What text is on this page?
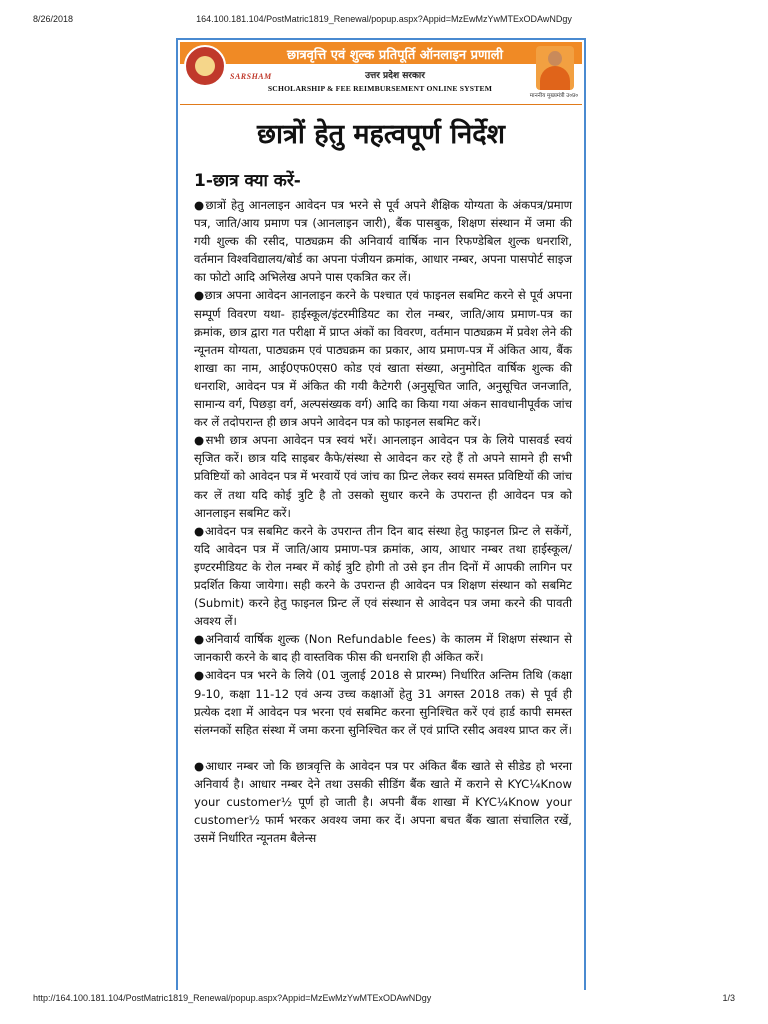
8/26/2018	164.100.181.104/PostMatric1819_Renewal/popup.aspx?Appid=MzEwMzYwMTExODAwNDgy
SARSHAM
छात्रवृत्ति एवं शुल्क प्रतिपूर्ति ऑनलाइन प्रणाली
उत्तर प्रदेश सरकार
SCHOLARSHIP & FEE REIMBURSEMENT ONLINE SYSTEM
माननीय मुख्यमंत्री उ०प्र०
छात्रों हेतु महत्वपूर्ण निर्देश
1-छात्र क्या करें-

●छात्रों हेतु आनलाइन आवेदन पत्र भरने से पूर्व अपने शैक्षिक योग्यता के अंकपत्र/प्रमाण पत्र, जाति/आय प्रमाण पत्र (आनलाइन जारी), बैंक पासबुक, शिक्षण संस्थान में जमा की गयी शुल्क की रसीद, पाठ्यक्रम की अनिवार्य वार्षिक नान रिफण्डेबिल शुल्क धनराशि, वर्तमान विश्वविद्यालय/बोर्ड का अपना पंजीयन क्रमांक, आधार नम्बर, अपना पासपोर्ट साइज का फोटो आदि अभिलेख अपने पास एकत्रित कर लें।

●छात्र अपना आवेदन आनलाइन करने के पश्चात एवं फाइनल सबमिट करने से पूर्व अपना सम्पूर्ण विवरण यथा- हाईस्कूल/इंटरमीडियट का रोल नम्बर, जाति/आय प्रमाण-पत्र का क्रमांक, छात्र द्वारा गत परीक्षा में प्राप्त अंकों का विवरण, वर्तमान पाठ्यक्रम में प्रवेश लेने की न्यूनतम योग्यता, पाठ्यक्रम एवं पाठ्यक्रम का प्रकार, आय प्रमाण-पत्र में अंकित आय, बैंक शाखा का नाम, आई0एफ0एस0 कोड एवं खाता संख्या, अनुमोदित वार्षिक शुल्क की धनराशि, आवेदन पत्र में अंकित की गयी कैटेगरी (अनुसूचित जाति, अनुसूचित जनजाति, सामान्य वर्ग, पिछड़ा वर्ग, अल्पसंख्यक वर्ग) आदि का किया गया अंकन सावधानीपूर्वक जांच कर लें तदोपरान्त ही छात्र अपने आवेदन पत्र को फाइनल सबमिट करें।

●सभी छात्र अपना आवेदन पत्र स्वयं भरें। आनलाइन आवेदन पत्र के लिये पासवर्ड स्वयं सृजित करें। छात्र यदि साइबर कैफे/संस्था से आवेदन कर रहे हैं तो अपने सामने ही सभी प्रविष्टियों को आवेदन पत्र में भरवायें एवं जांच का प्रिन्ट लेकर स्वयं समस्त प्रविष्टियों की जांच कर लें तथा यदि कोई त्रुटि है तो उसको सुधार करने के उपरान्त ही आवेदन पत्र को आनलाइन सबमिट करें।

●आवेदन पत्र सबमिट करने के उपरान्त तीन दिन बाद संस्था हेतु फाइनल प्रिन्ट ले सकेंगें, यदि आवेदन पत्र में जाति/आय प्रमाण-पत्र क्रमांक, आय, आधार नम्बर तथा हाईस्कूल/इण्टरमीडियट के रोल नम्बर में कोई त्रुटि होगी तो उसे इन तीन दिनों में आपकी लागिन पर प्रदर्शित किया जायेगा। सही करने के उपरान्त ही आवेदन पत्र शिक्षण संस्थान को सबमिट (Submit) करने हेतु फाइनल प्रिन्ट लें एवं संस्थान से आवेदन पत्र जमा करने की पावती अवश्य लें।

●अनिवार्य वार्षिक शुल्क (Non Refundable fees) के कालम में शिक्षण संस्थान से जानकारी करने के बाद ही वास्तविक फीस की धनराशि ही अंकित करें।

●आवेदन पत्र भरने के लिये (01 जुलाई 2018 से प्रारम्भ) निर्धारित अन्तिम तिथि (कक्षा 9-10, कक्षा 11-12 एवं अन्य उच्च कक्षाओं हेतु 31 अगस्त 2018 तक) से पूर्व ही प्रत्येक दशा में आवेदन पत्र भरना एवं सबमिट करना सुनिश्चित करें एवं हार्ड कापी समस्त संलग्नकों सहित संस्था में जमा करना सुनिश्चित कर लें एवं प्राप्ति रसीद अवश्य प्राप्त कर लें।

●आधार नम्बर जो कि छात्रवृत्ति के आवेदन पत्र पर अंकित बैंक खाते से सीडेड हो भरना अनिवार्य है। आधार नम्बर देने तथा उसकी सीडिंग बैंक खाते में कराने से KYC¼Know your customer½ पूर्ण हो जाती है। अपनी बैंक शाखा में KYC¼Know your customer½ फार्म भरकर अवश्य जमा कर दें। अपना बचत बैंक खाता संचालित रखें, उसमें निर्धारित न्यूनतम बैलेन्स

http://164.100.181.104/PostMatric1819_Renewal/popup.aspx?Appid=MzEwMzYwMTExODAwNDgy	1/3
